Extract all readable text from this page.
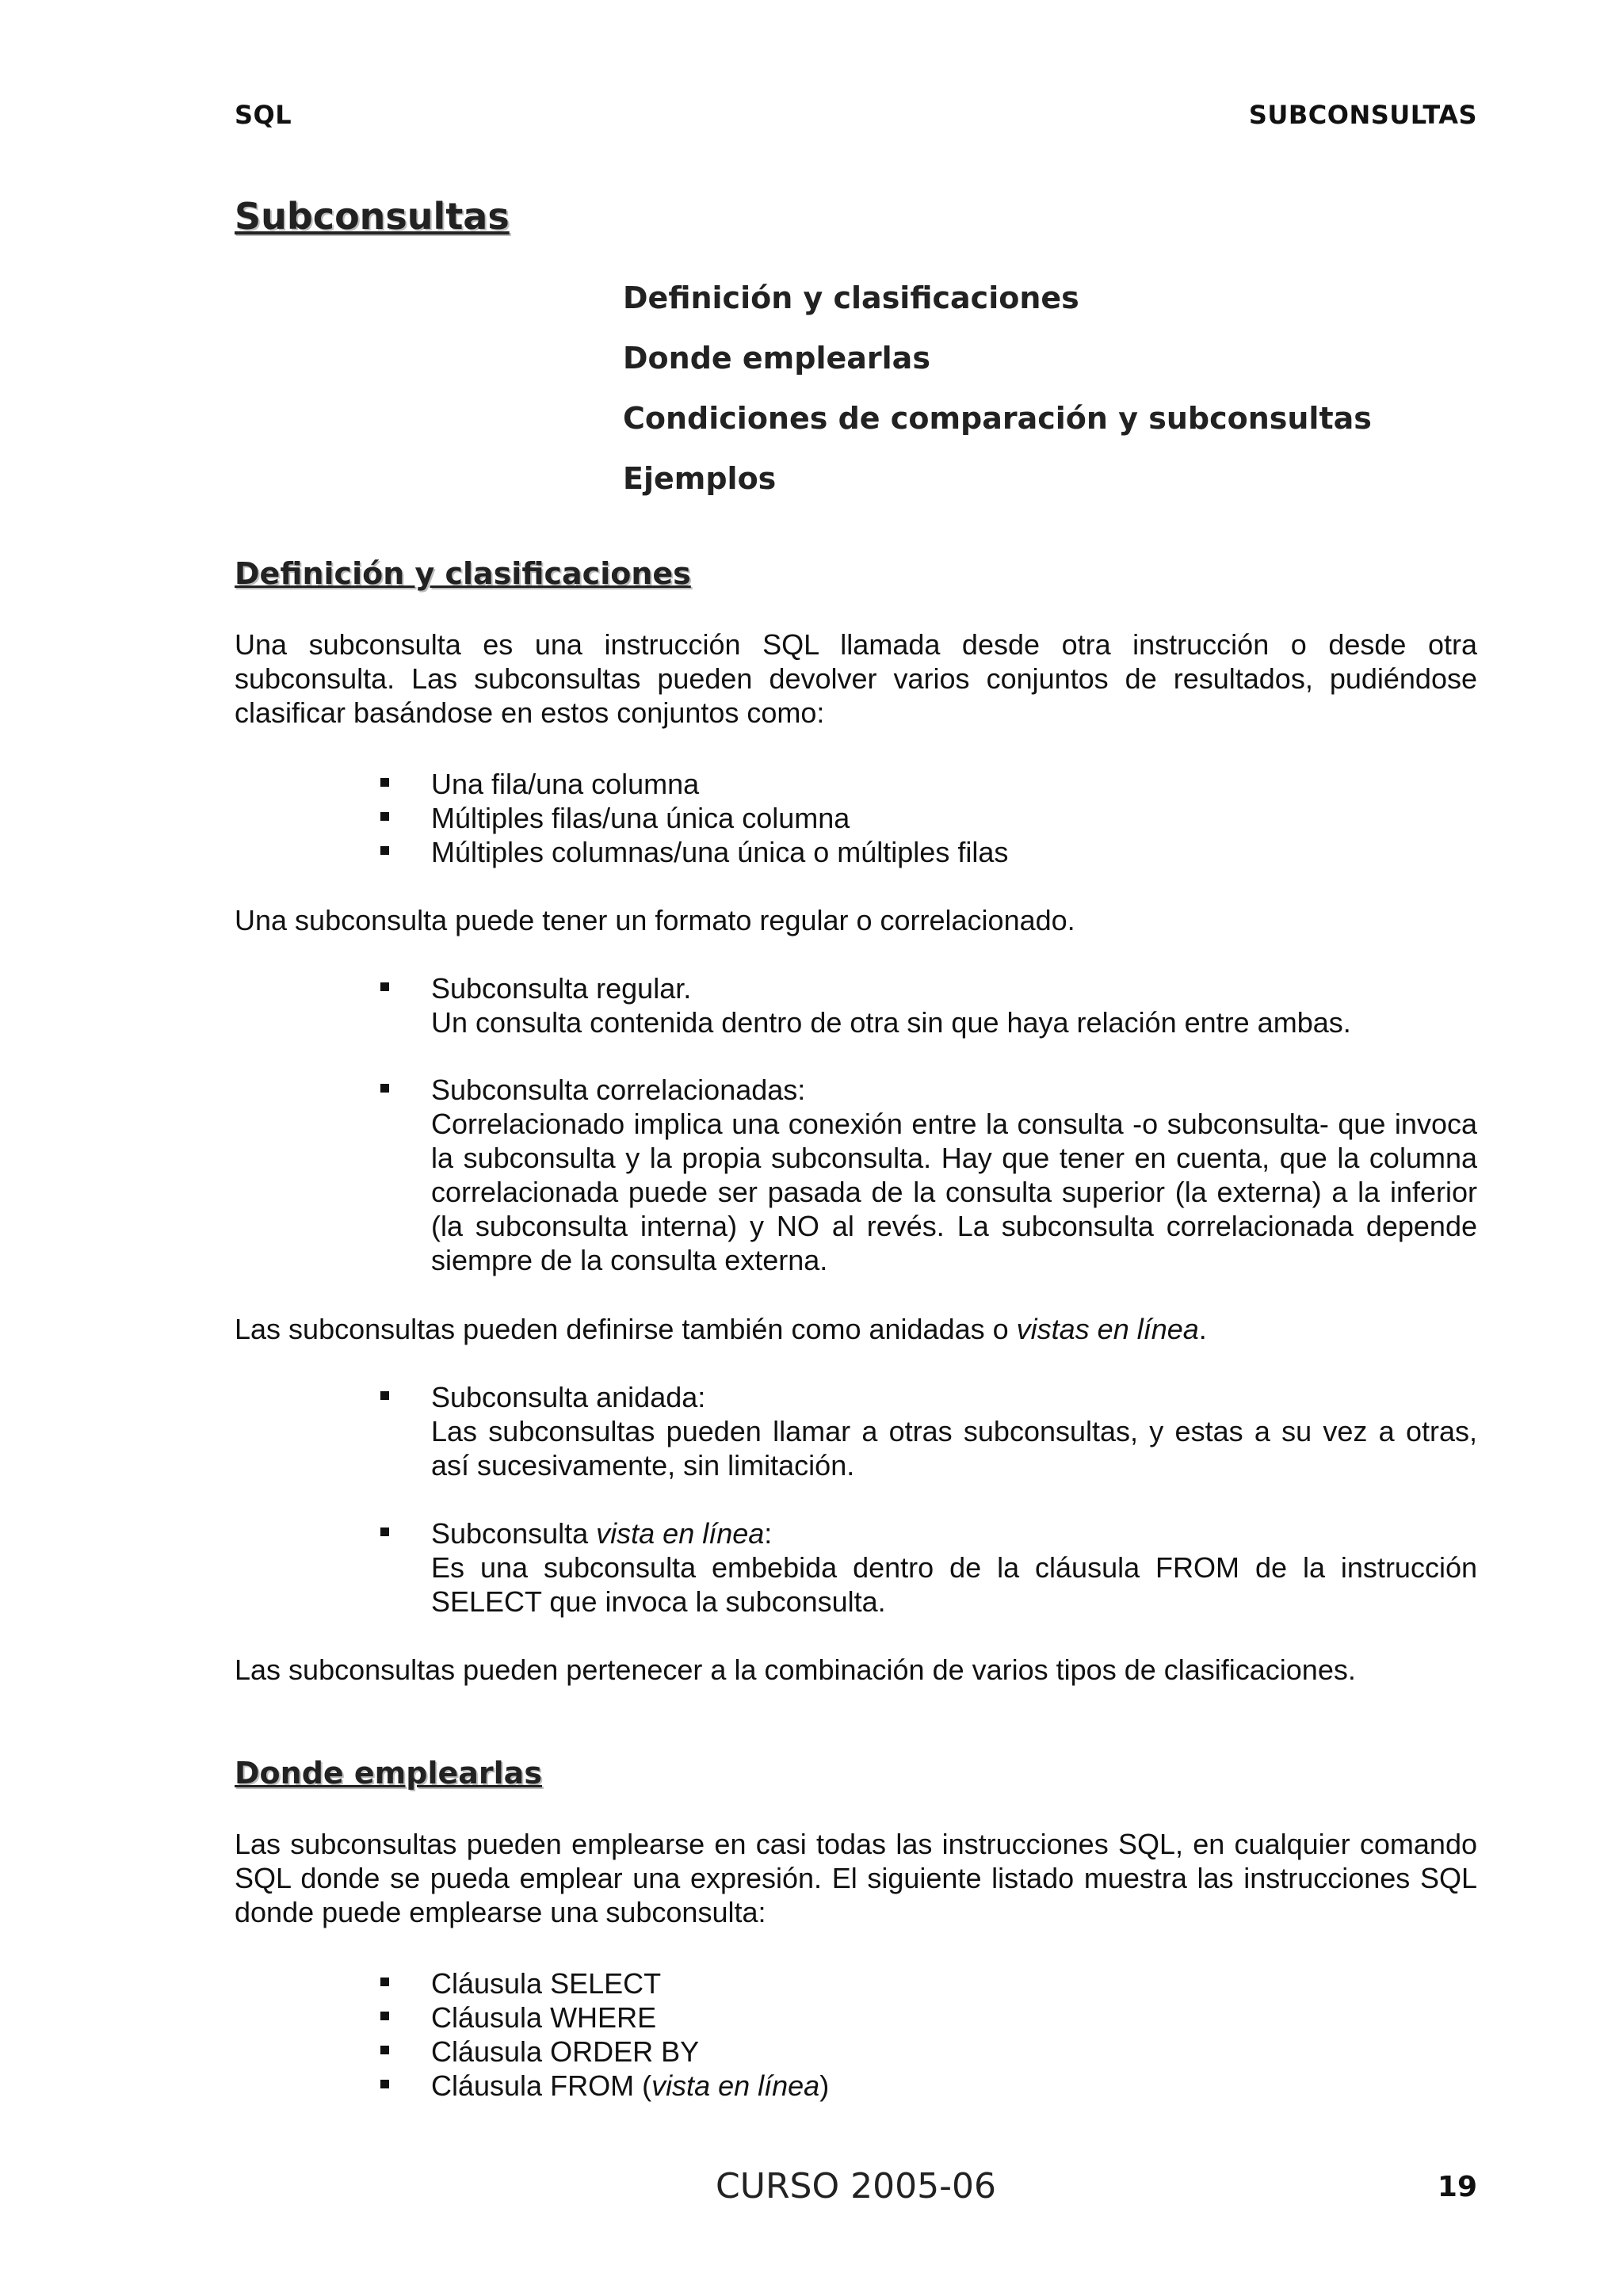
SQL	SUBCONSULTAS
Subconsultas
Definición y clasificaciones
Donde emplearlas
Condiciones de comparación y subconsultas
Ejemplos
Definición y clasificaciones

Una subconsulta es una instrucción SQL llamada desde otra instrucción o desde otra subconsulta. Las subconsultas pueden devolver varios conjuntos de resultados, pudiéndose clasificar basándose en estos conjuntos como:

Una fila/una columna
Múltiples filas/una única columna
Múltiples columnas/una única o múltiples filas

Una subconsulta puede tener un formato regular o correlacionado.

Subconsulta regular.
Un consulta contenida dentro de otra sin que haya relación entre ambas.
Subconsulta correlacionadas:
Correlacionado implica una conexión entre la consulta -o subconsulta- que invoca la subconsulta y la propia subconsulta. Hay que tener en cuenta, que la columna correlacionada puede ser pasada de la consulta superior (la externa) a la inferior (la subconsulta interna) y NO al revés. La subconsulta correlacionada depende siempre de la consulta externa.

Las subconsultas pueden definirse también como anidadas o vistas en línea.

Subconsulta anidada:
Las subconsultas pueden llamar a otras subconsultas, y estas a su vez a otras, así sucesivamente, sin limitación.
Subconsulta vista en línea:
Es una subconsulta embebida dentro de la cláusula FROM de la instrucción SELECT que invoca la subconsulta.

Las subconsultas pueden pertenecer a la combinación de varios tipos de clasificaciones.

Donde emplearlas

Las subconsultas pueden emplearse en casi todas las instrucciones SQL, en cualquier comando SQL donde se pueda emplear una expresión. El siguiente listado muestra las instrucciones SQL donde puede emplearse una subconsulta:

Cláusula SELECT
Cláusula WHERE
Cláusula ORDER BY
Cláusula FROM (vista en línea)
CURSO 2005-06	19
